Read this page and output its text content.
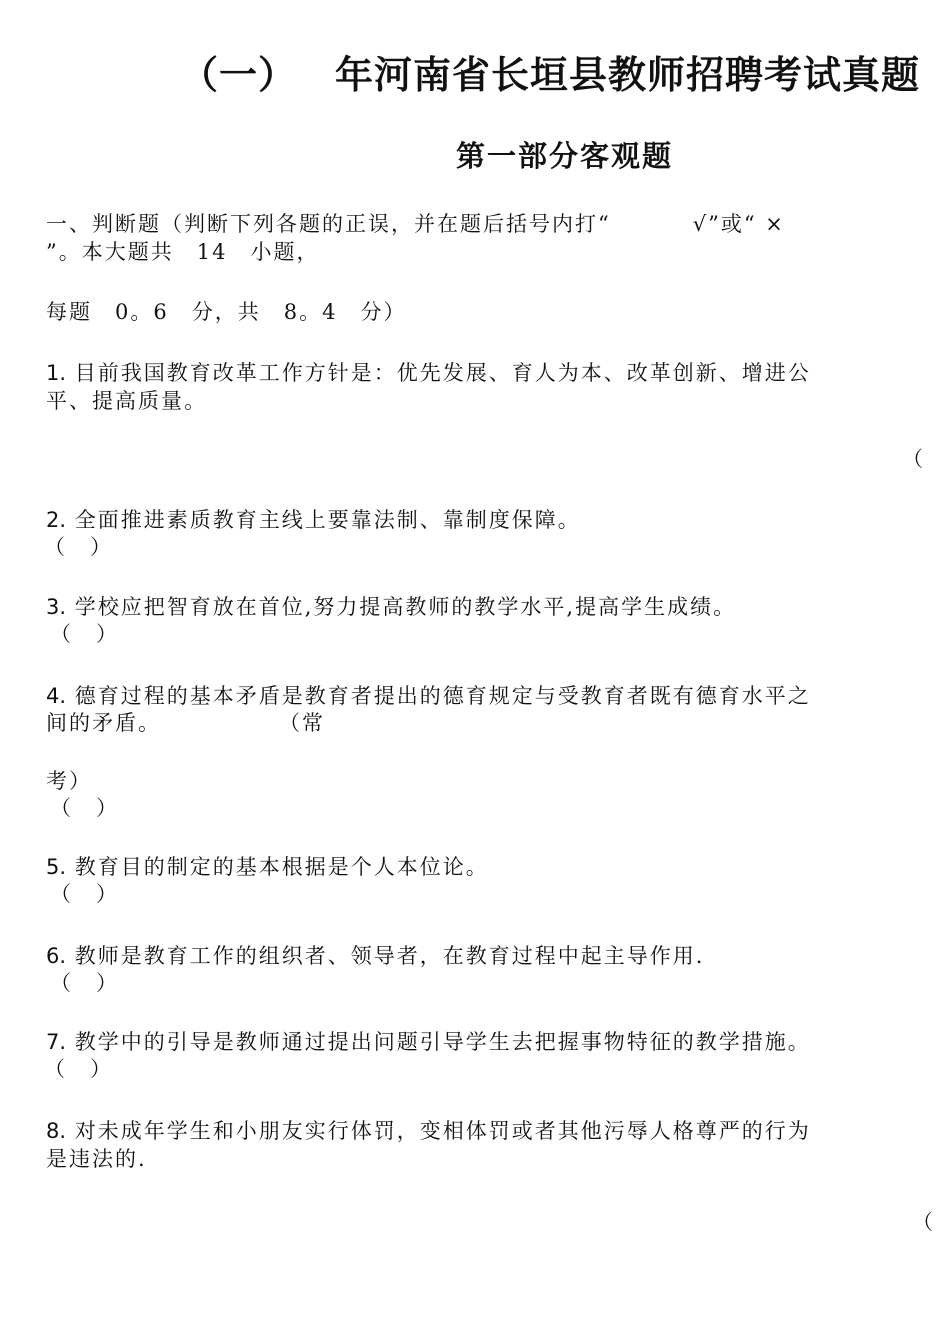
（一） 年河南省长垣县教师招聘考试真题
第一部分客观题
一、判断题（判断下列各题的正误，并在题后括号内打“	√”或“ ×
”。本大题共　14　小题，
每题　0。6　分，共　8。4　分）
1. 目前我国教育改革工作方针是：优先发展、育人为本、改革创新、增进公
平、提高质量。
（
2. 全面推进素质教育主线上要靠法制、靠制度保障。
（　）
3. 学校应把智育放在首位,努力提高教师的教学水平,提高学生成绩。
（　）
4. 德育过程的基本矛盾是教育者提出的德育规定与受教育者既有德育水平之
间的矛盾。	（常
考）
（　）
5. 教育目的制定的基本根据是个人本位论。
（　）
6. 教师是教育工作的组织者、领导者，在教育过程中起主导作用.
（　）
7. 教学中的引导是教师通过提出问题引导学生去把握事物特征的教学措施。
（　）
8. 对未成年学生和小朋友实行体罚，变相体罚或者其他污辱人格尊严的行为
是违法的.
（
